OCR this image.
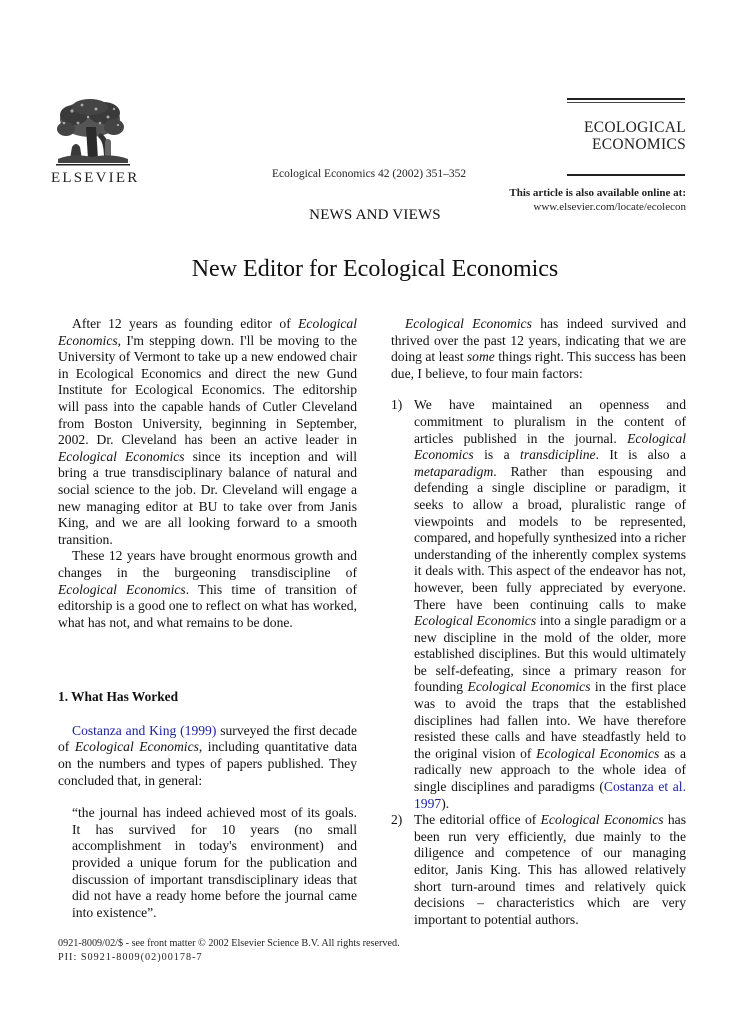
ELSEVIER	Ecological Economics 42 (2002) 351–352
ECOLOGICAL
ECONOMICS
This article is also available online at:
www.elsevier.com/locate/ecolecon
NEWS AND VIEWS
New Editor for Ecological Economics

After 12 years as founding editor of Ecological Economics, I'm stepping down. I'll be moving to the University of Vermont to take up a new endowed chair in Ecological Economics and direct the new Gund Institute for Ecological Economics. The editorship will pass into the capable hands of Cutler Cleveland from Boston University, beginning in September, 2002. Dr. Cleveland has been an active leader in Ecological Economics since its inception and will bring a true transdisciplinary balance of natural and social science to the job. Dr. Cleveland will engage a new managing editor at BU to take over from Janis King, and we are all looking forward to a smooth transition.

These 12 years have brought enormous growth and changes in the burgeoning transdiscipline of Ecological Economics. This time of transition of editorship is a good one to reflect on what has worked, what has not, and what remains to be done.

1. What Has Worked

Costanza and King (1999) surveyed the first decade of Ecological Economics, including quantitative data on the numbers and types of papers published. They concluded that, in general:

“the journal has indeed achieved most of its goals. It has survived for 10 years (no small accomplishment in today's environment) and provided a unique forum for the publication and discussion of important transdisciplinary ideas that did not have a ready home before the journal came into existence”.

Ecological Economics has indeed survived and thrived over the past 12 years, indicating that we are doing at least some things right. This success has been due, I believe, to four main factors:

1) We have maintained an openness and commitment to pluralism in the content of articles published in the journal. Ecological Economics is a transdicipline. It is also a metaparadigm. Rather than espousing and defending a single discipline or paradigm, it seeks to allow a broad, pluralistic range of viewpoints and models to be represented, compared, and hopefully synthesized into a richer understanding of the inherently complex systems it deals with. This aspect of the endeavor has not, however, been fully appreciated by everyone. There have been continuing calls to make Ecological Economics into a single paradigm or a new discipline in the mold of the older, more established disciplines. But this would ultimately be self-defeating, since a primary reason for founding Ecological Economics in the first place was to avoid the traps that the established disciplines had fallen into. We have therefore resisted these calls and have steadfastly held to the original vision of Ecological Economics as a radically new approach to the whole idea of single disciplines and paradigms (Costanza et al. 1997).
2) The editorial office of Ecological Economics has been run very efficiently, due mainly to the diligence and competence of our managing editor, Janis King. This has allowed relatively short turn-around times and relatively quick decisions – characteristics which are very important to potential authors.
0921-8009/02/$ - see front matter © 2002 Elsevier Science B.V. All rights reserved.
PII: S0921-8009(02)00178-7
